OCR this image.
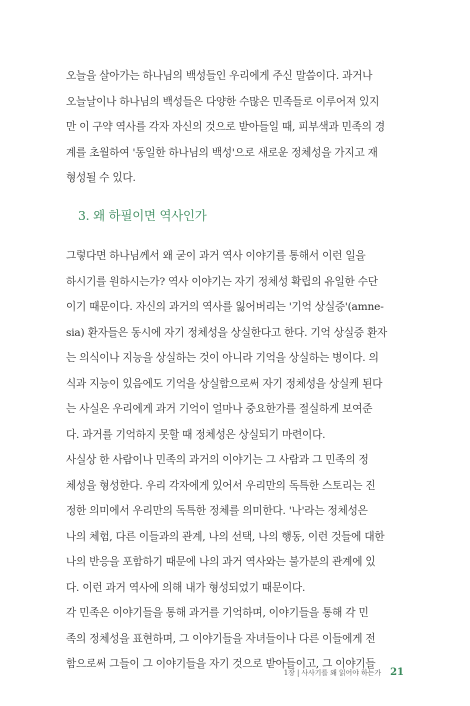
오늘을 살아가는 하나님의 백성들인 우리에게 주신 말씀이다. 과거나
오늘날이나 하나님의 백성들은 다양한 수많은 민족들로 이루어져 있지
만 이 구약 역사를 각자 자신의 것으로 받아들일 때, 피부색과 민족의 경
계를 초월하여 '동일한 하나님의 백성'으로 새로운 정체성을 가지고 재
형성될 수 있다.
3. 왜 하필이면 역사인가
그렇다면 하나님께서 왜 굳이 과거 역사 이야기를 통해서 이런 일을
하시기를 원하시는가? 역사 이야기는 자기 정체성 확립의 유일한 수단
이기 때문이다. 자신의 과거의 역사를 잃어버리는 '기억 상실증'(amne-
sia) 환자들은 동시에 자기 정체성을 상실한다고 한다. 기억 상실증 환자
는 의식이나 지능을 상실하는 것이 아니라 기억을 상실하는 병이다. 의
식과 지능이 있음에도 기억을 상실함으로써 자기 정체성을 상실케 된다
는 사실은 우리에게 과거 기억이 얼마나 중요한가를 절실하게 보여준
다. 과거를 기억하지 못할 때 정체성은 상실되기 마련이다.
사실상 한 사람이나 민족의 과거의 이야기는 그 사람과 그 민족의 정
체성을 형성한다. 우리 각자에게 있어서 우리만의 독특한 스토리는 진
정한 의미에서 우리만의 독특한 정체를 의미한다. '나'라는 정체성은
나의 체험, 다른 이들과의 관계, 나의 선택, 나의 행동, 이런 것들에 대한
나의 반응을 포함하기 때문에 나의 과거 역사와는 불가분의 관계에 있
다. 이런 과거 역사에 의해 내가 형성되었기 때문이다.
각 민족은 이야기들을 통해 과거를 기억하며, 이야기들을 통해 각 민
족의 정체성을 표현하며, 그 이야기들을 자녀들이나 다른 이들에게 전
함으로써 그들이 그 이야기들을 자기 것으로 받아들이고, 그 이야기들
1장 | 사사기를 왜 읽어야 하는가 21
